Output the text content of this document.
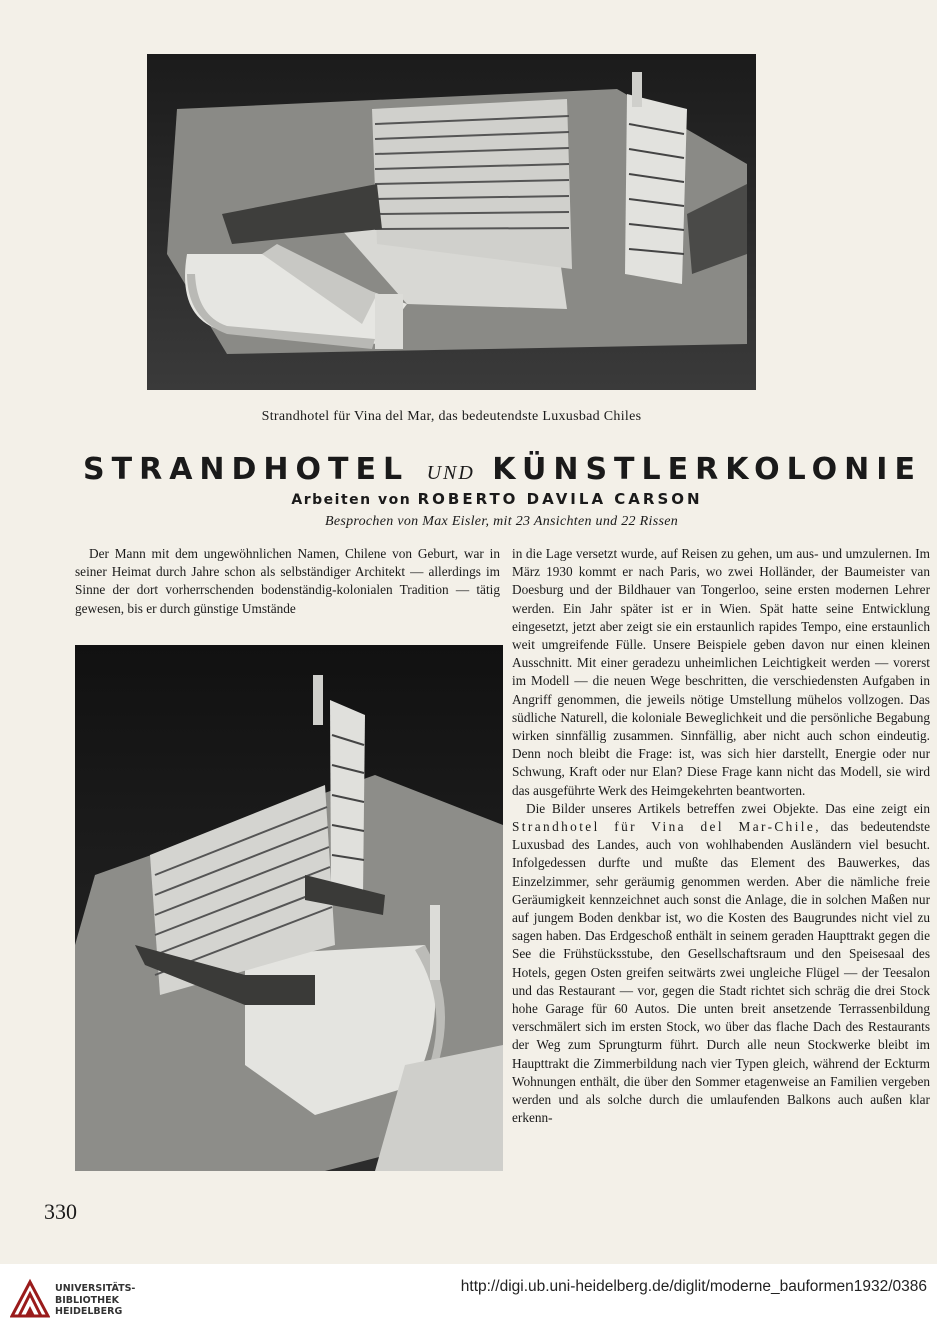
Strandhotel für Vina del Mar, das bedeutendste Luxusbad Chiles
STRANDHOTEL UND KÜNSTLERKOLONIE
Arbeiten von ROBERTO DAVILA CARSON
Besprochen von Max Eisler, mit 23 Ansichten und 22 Rissen

Der Mann mit dem ungewöhnlichen Namen, Chilene von Geburt, war in seiner Heimat durch Jahre schon als selbständiger Architekt — allerdings im Sinne der dort vorherrschenden bodenständig-kolonialen Tradition — tätig gewesen, bis er durch günstige Umstände

in die Lage versetzt wurde, auf Reisen zu gehen, um aus- und umzulernen. Im März 1930 kommt er nach Paris, wo zwei Holländer, der Baumeister van Doesburg und der Bildhauer van Tongerloo, seine ersten modernen Lehrer werden. Ein Jahr später ist er in Wien. Spät hatte seine Entwicklung eingesetzt, jetzt aber zeigt sie ein erstaunlich rapides Tempo, eine erstaunlich weit umgreifende Fülle. Unsere Beispiele geben davon nur einen kleinen Ausschnitt. Mit einer geradezu unheimlichen Leichtigkeit werden — vorerst im Modell — die neuen Wege beschritten, die verschiedensten Aufgaben in Angriff genommen, die jeweils nötige Umstellung mühelos vollzogen. Das südliche Naturell, die koloniale Beweglichkeit und die persönliche Begabung wirken sinnfällig zusammen. Sinnfällig, aber nicht auch schon eindeutig. Denn noch bleibt die Frage: ist, was sich hier darstellt, Energie oder nur Schwung, Kraft oder nur Elan? Diese Frage kann nicht das Modell, sie wird das ausgeführte Werk des Heimgekehrten beantworten.

Die Bilder unseres Artikels betreffen zwei Objekte. Das eine zeigt ein Strandhotel für Vina del Mar-Chile, das bedeutendste Luxusbad des Landes, auch von wohlhabenden Ausländern viel besucht. Infolgedessen durfte und mußte das Element des Bauwerkes, das Einzelzimmer, sehr geräumig genommen werden. Aber die nämliche freie Geräumigkeit kennzeichnet auch sonst die Anlage, die in solchen Maßen nur auf jungem Boden denkbar ist, wo die Kosten des Baugrundes nicht viel zu sagen haben. Das Erdgeschoß enthält in seinem geraden Haupttrakt gegen die See die Frühstücksstube, den Gesellschaftsraum und den Speisesaal des Hotels, gegen Osten greifen seitwärts zwei ungleiche Flügel — der Teesalon und das Restaurant — vor, gegen die Stadt richtet sich schräg die drei Stock hohe Garage für 60 Autos. Die unten breit ansetzende Terrassenbildung verschmälert sich im ersten Stock, wo über das flache Dach des Restaurants der Weg zum Sprungturm führt. Durch alle neun Stockwerke bleibt im Haupttrakt die Zimmerbildung nach vier Typen gleich, während der Eckturm Wohnungen enthält, die über den Sommer etagenweise an Familien vergeben werden und als solche durch die umlaufenden Balkons auch außen klar erkenn-

330
UNIVERSITÄTS-
BIBLIOTHEK
HEIDELBERG
http://digi.ub.uni-heidelberg.de/diglit/moderne_bauformen1932/0386
